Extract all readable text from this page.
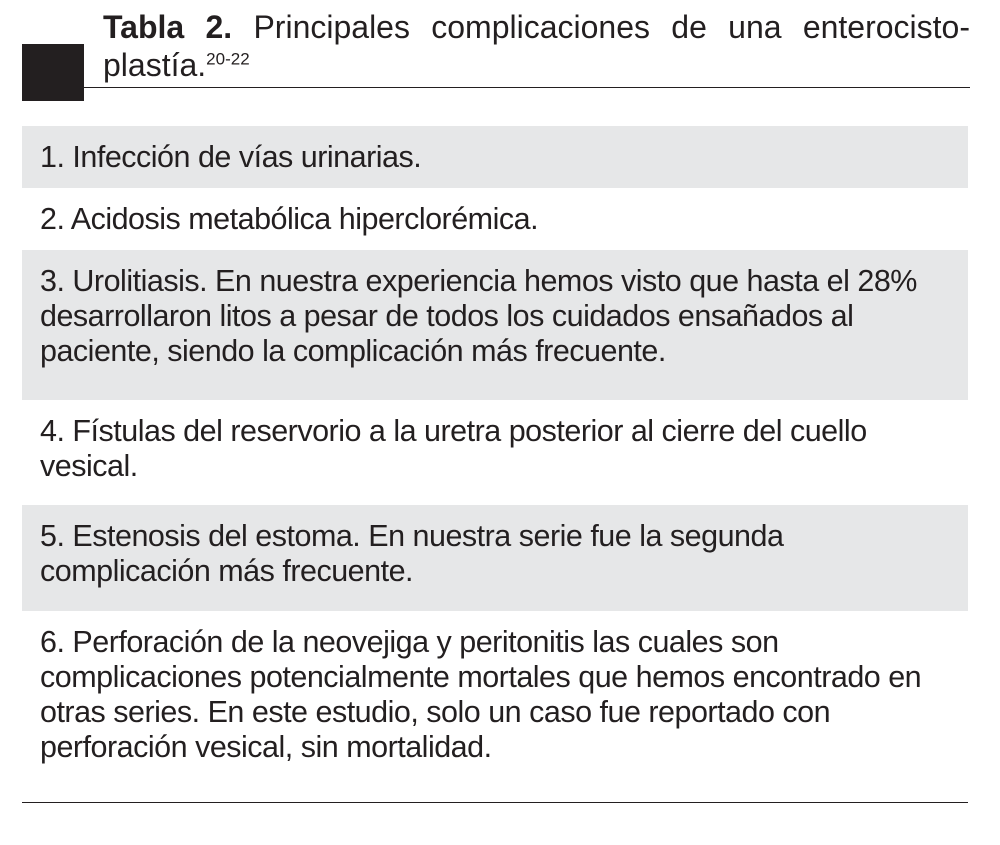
Tabla 2. Principales complicaciones de una enterocisto-plastía.$^{20-22}$

1. Infección de vías urinarias.
2. Acidosis metabólica hiperclorémica.
3. Urolitiasis. En nuestra experiencia hemos visto que hasta el 28% desarrollaron litos a pesar de todos los cuidados ensañados al paciente, siendo la complicación más frecuente.
4. Fístulas del reservorio a la uretra posterior al cierre del cuello vesical.
5. Estenosis del estoma. En nuestra serie fue la segunda complicación más frecuente.
6. Perforación de la neovejiga y peritonitis las cuales son complicaciones potencialmente mortales que hemos encontrado en otras series. En este estudio, solo un caso fue reportado con perforación vesical, sin mortalidad.
